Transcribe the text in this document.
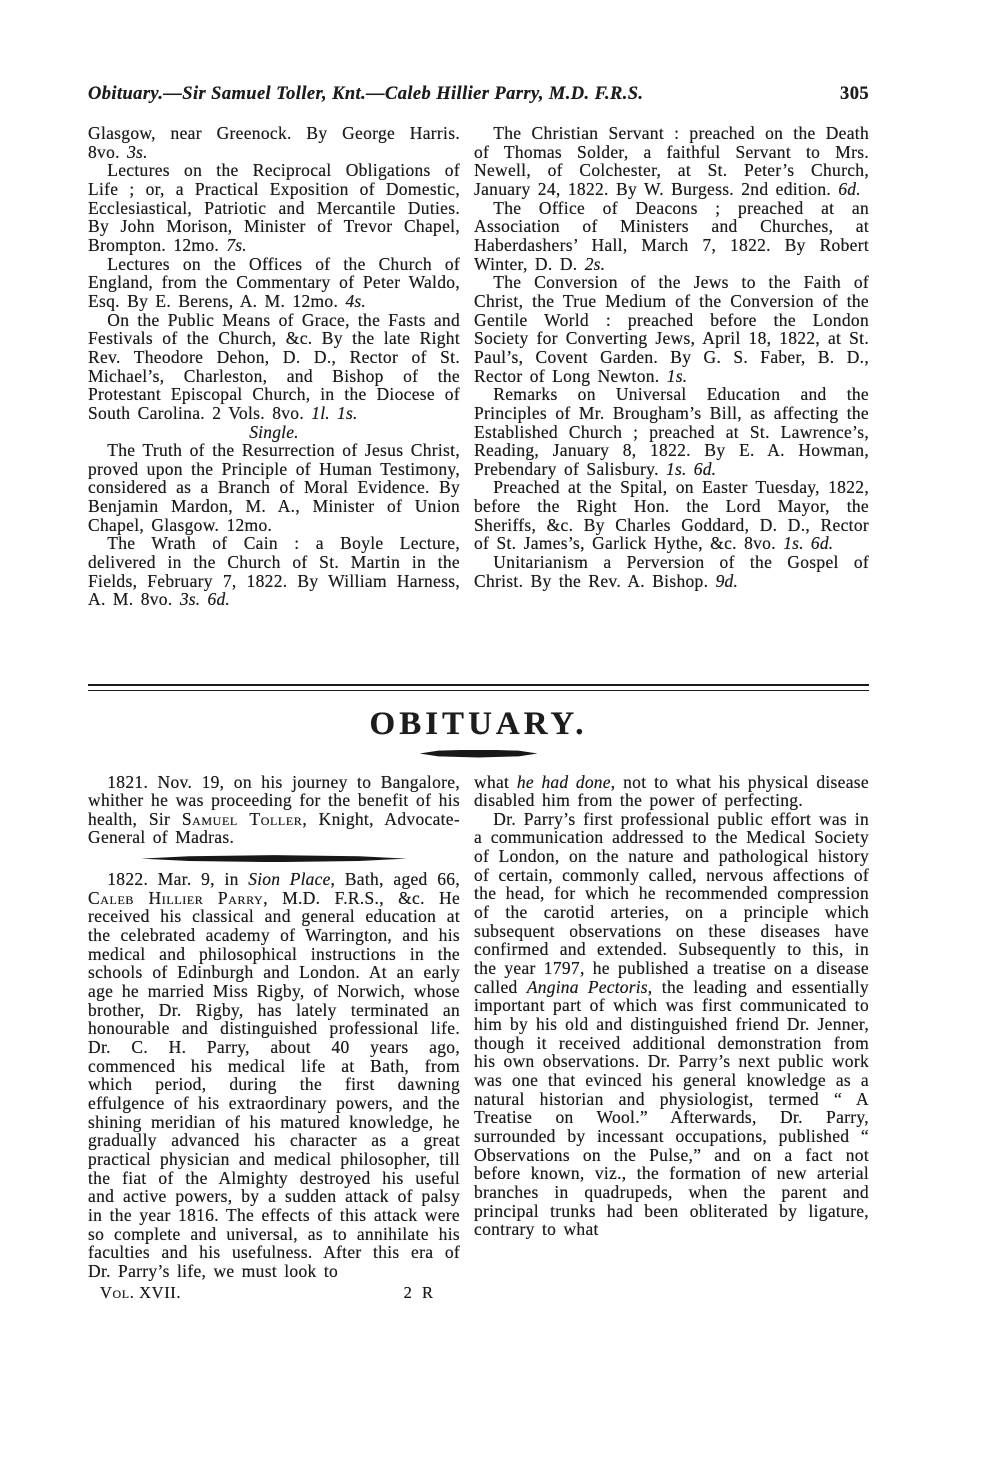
Obituary.—Sir Samuel Toller, Knt.—Caleb Hillier Parry, M.D. F.R.S.	305

Glasgow, near Greenock. By George Harris. 8vo. 3s.

Lectures on the Reciprocal Obligations of Life ; or, a Practical Exposition of Domestic, Ecclesiastical, Patriotic and Mercantile Duties. By John Morison, Minister of Trevor Chapel, Brompton. 12mo. 7s.

Lectures on the Offices of the Church of England, from the Commentary of Peter Waldo, Esq. By E. Berens, A. M. 12mo. 4s.

On the Public Means of Grace, the Fasts and Festivals of the Church, &c. By the late Right Rev. Theodore Dehon, D. D., Rector of St. Michael’s, Charleston, and Bishop of the Protestant Episcopal Church, in the Diocese of South Carolina. 2 Vols. 8vo. 1l. 1s.

Single.

The Truth of the Resurrection of Jesus Christ, proved upon the Principle of Human Testimony, considered as a Branch of Moral Evidence. By Benjamin Mardon, M. A., Minister of Union Chapel, Glasgow. 12mo.

The Wrath of Cain : a Boyle Lecture, delivered in the Church of St. Martin in the Fields, February 7, 1822. By William Harness, A. M. 8vo. 3s. 6d.

The Christian Servant : preached on the Death of Thomas Solder, a faithful Servant to Mrs. Newell, of Colchester, at St. Peter’s Church, January 24, 1822. By W. Burgess. 2nd edition. 6d.

The Office of Deacons ; preached at an Association of Ministers and Churches, at Haberdashers’ Hall, March 7, 1822. By Robert Winter, D. D. 2s.

The Conversion of the Jews to the Faith of Christ, the True Medium of the Conversion of the Gentile World : preached before the London Society for Converting Jews, April 18, 1822, at St. Paul’s, Covent Garden. By G. S. Faber, B. D., Rector of Long Newton. 1s.

Remarks on Universal Education and the Principles of Mr. Brougham’s Bill, as affecting the Established Church ; preached at St. Lawrence’s, Reading, January 8, 1822. By E. A. Howman, Prebendary of Salisbury. 1s. 6d.

Preached at the Spital, on Easter Tuesday, 1822, before the Right Hon. the Lord Mayor, the Sheriffs, &c. By Charles Goddard, D. D., Rector of St. James’s, Garlick Hythe, &c. 8vo. 1s. 6d.

Unitarianism a Perversion of the Gospel of Christ. By the Rev. A. Bishop. 9d.

OBITUARY.

1821. Nov. 19, on his journey to Bangalore, whither he was proceeding for the benefit of his health, Sir Samuel Toller, Knight, Advocate-General of Madras.

1822. Mar. 9, in Sion Place, Bath, aged 66, Caleb Hillier Parry, M.D. F.R.S., &c. He received his classical and general education at the celebrated academy of Warrington, and his medical and philosophical instructions in the schools of Edinburgh and London. At an early age he married Miss Rigby, of Norwich, whose brother, Dr. Rigby, has lately terminated an honourable and distinguished professional life. Dr. C. H. Parry, about 40 years ago, commenced his medical life at Bath, from which period, during the first dawning effulgence of his extraordinary powers, and the shining meridian of his matured knowledge, he gradually advanced his character as a great practical physician and medical philosopher, till the fiat of the Almighty destroyed his useful and active powers, by a sudden attack of palsy in the year 1816. The effects of this attack were so complete and universal, as to annihilate his faculties and his usefulness. After this era of Dr. Parry’s life, we must look to

Vol. XVII.	2 R

what he had done, not to what his physical disease disabled him from the power of perfecting.

Dr. Parry’s first professional public effort was in a communication addressed to the Medical Society of London, on the nature and pathological history of certain, commonly called, nervous affections of the head, for which he recommended compression of the carotid arteries, on a principle which subsequent observations on these diseases have confirmed and extended. Subsequently to this, in the year 1797, he published a treatise on a disease called Angina Pectoris, the leading and essentially important part of which was first communicated to him by his old and distinguished friend Dr. Jenner, though it received additional demonstration from his own observations. Dr. Parry’s next public work was one that evinced his general knowledge as a natural historian and physiologist, termed “ A Treatise on Wool.” Afterwards, Dr. Parry, surrounded by incessant occupations, published “ Observations on the Pulse,” and on a fact not before known, viz., the formation of new arterial branches in quadrupeds, when the parent and principal trunks had been obliterated by ligature, contrary to what
